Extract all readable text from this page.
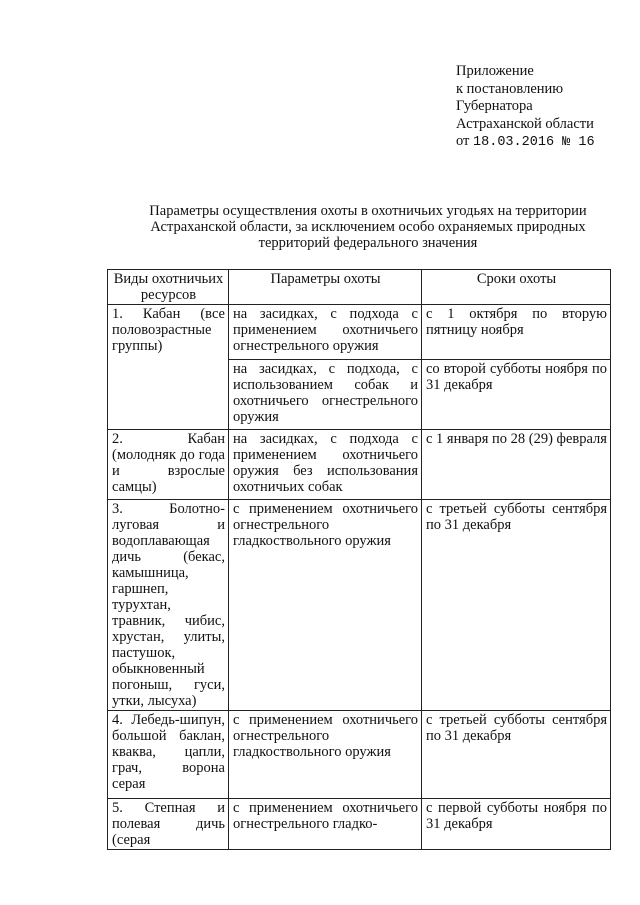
Приложение
к постановлению
Губернатора
Астраханской области
от 18.03.2016 № 16
Параметры осуществления охоты в охотничьих угодьях на территории Астраханской области, за исключением особо охраняемых природных территорий федерального значения
Виды охотничьих ресурсов	Параметры охоты	Сроки охоты
1. Кабан (все половозрастные группы)	на засидках, с подхода с применением охотничьего огнестрельного оружия	с 1 октября по вторую пятницу ноября
	на засидках, с подхода, с использованием собак и охотничьего огнестрельного оружия	со второй субботы ноября по 31 декабря
2. Кабан (молодняк до года и взрослые самцы)	на засидках, с подхода с применением охотничьего оружия без использования охотничьих собак	с 1 января по 28 (29) февраля
3. Болотно-луговая и водоплавающая дичь (бекас, камышница, гаршнеп, турухтан, травник, чибис, хрустан, улиты, пастушок, обыкновенный погоныш, гуси, утки, лысуха)	с применением охотничьего огнестрельного гладкоствольного оружия	с третьей субботы сентября по 31 декабря
4. Лебедь-шипун, большой баклан, кваква, цапли, грач, ворона серая	с применением охотничьего огнестрельного гладкоствольного оружия	с третьей субботы сентября по 31 декабря
5. Степная и полевая дичь (серая	с применением охотничьего огнестрельного гладко-	с первой субботы ноября по 31 декабря
